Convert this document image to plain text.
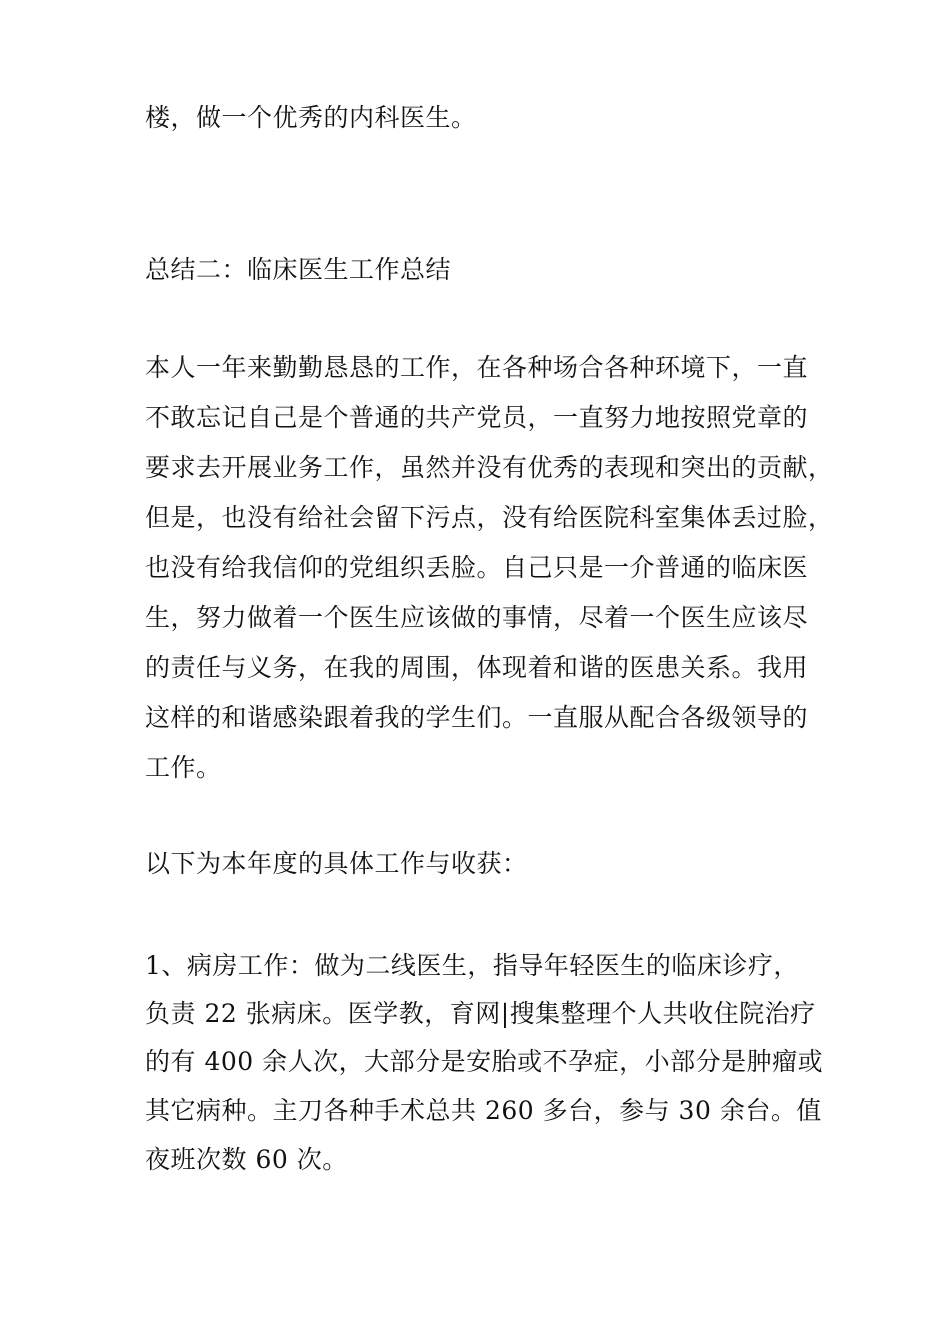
楼，做一个优秀的内科医生。
总结二：临床医生工作总结
本人一年来勤勤恳恳的工作，在各种场合各种环境下，一直
不敢忘记自己是个普通的共产党员，一直努力地按照党章的
要求去开展业务工作，虽然并没有优秀的表现和突出的贡献，
但是，也没有给社会留下污点，没有给医院科室集体丢过脸，
也没有给我信仰的党组织丢脸。自己只是一介普通的临床医
生，努力做着一个医生应该做的事情，尽着一个医生应该尽
的责任与义务，在我的周围，体现着和谐的医患关系。我用
这样的和谐感染跟着我的学生们。一直服从配合各级领导的
工作。
以下为本年度的具体工作与收获：
1、病房工作：做为二线医生，指导年轻医生的临床诊疗，
负责 22 张病床。医学教，育网|搜集整理个人共收住院治疗
的有 400 余人次，大部分是安胎或不孕症，小部分是肿瘤或
其它病种。主刀各种手术总共 260 多台，参与 30 余台。值
夜班次数 60 次。
